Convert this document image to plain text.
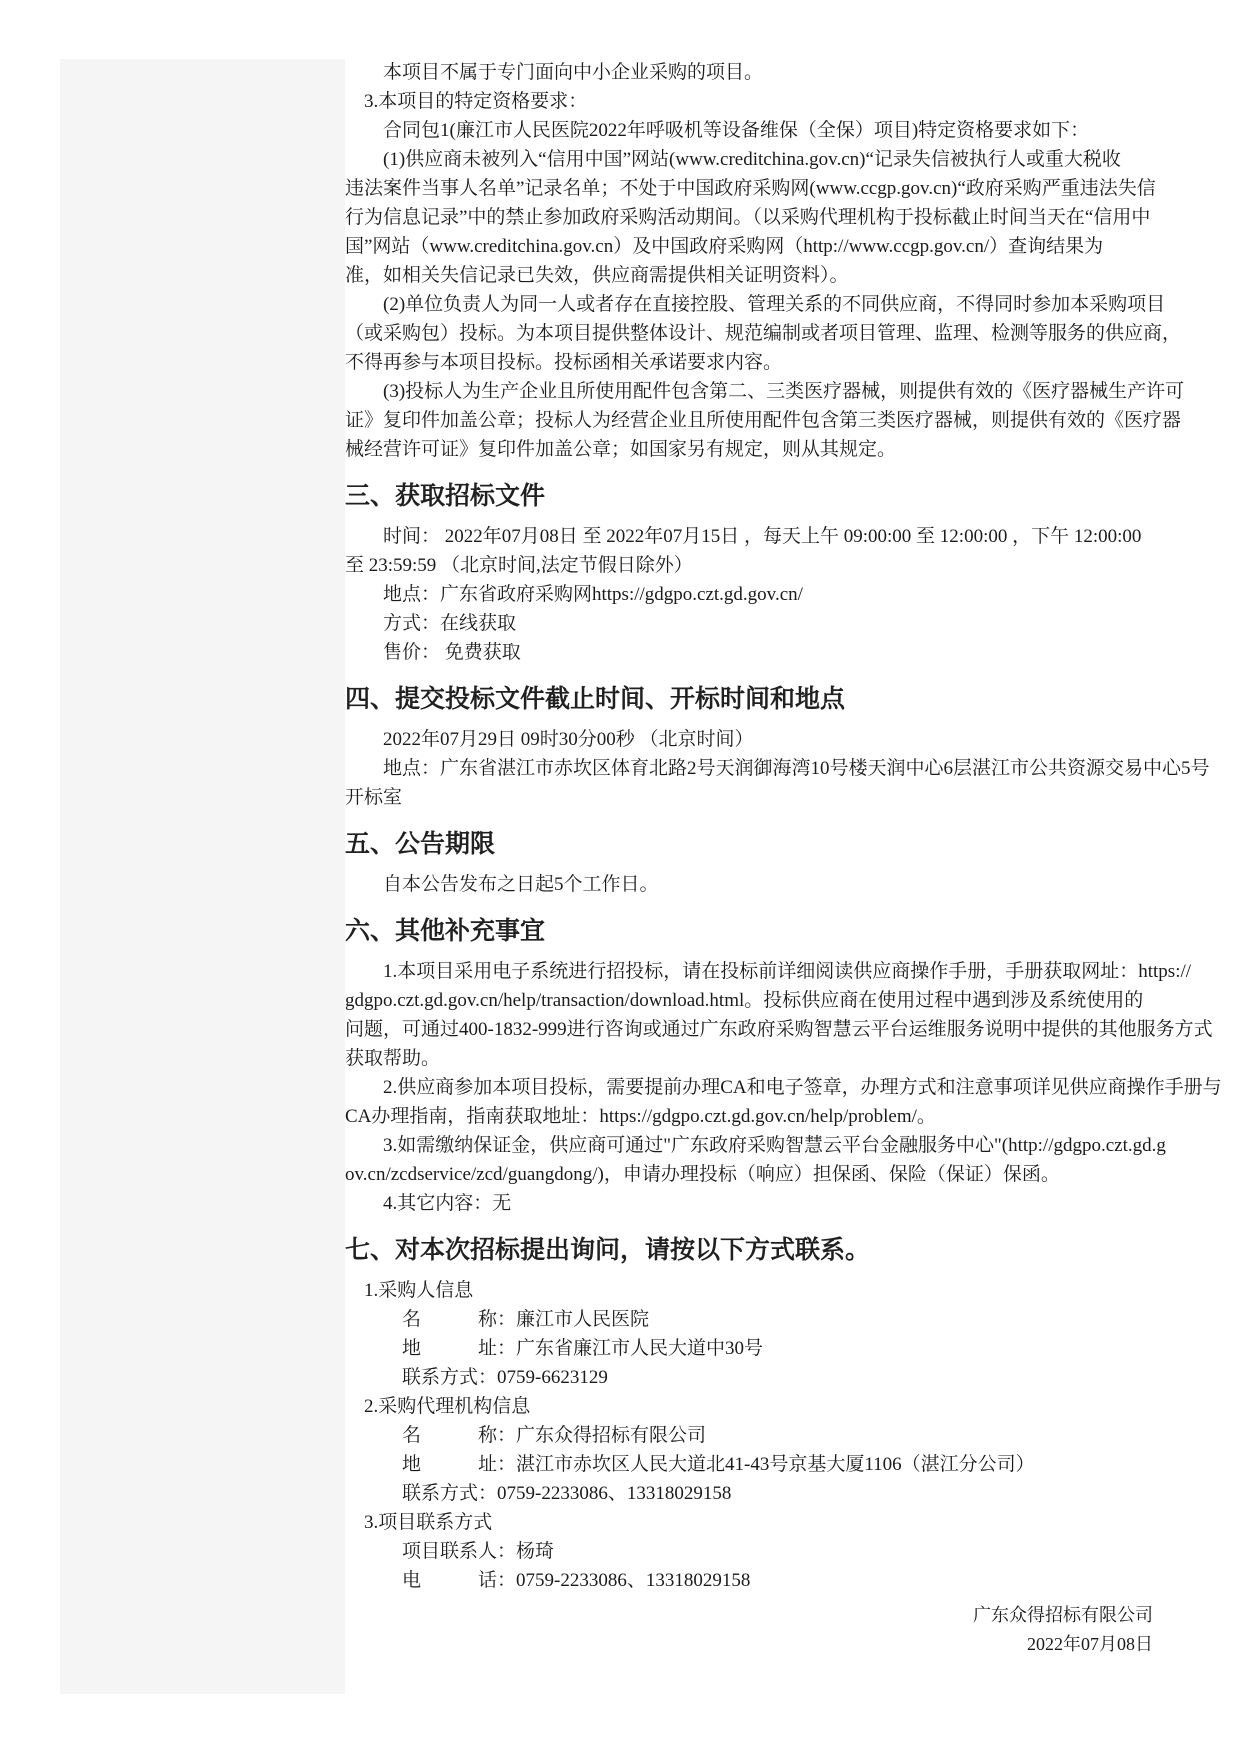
　　本项目不属于专门面向中小企业采购的项目。
　3.本项目的特定资格要求：
　　合同包1(廉江市人民医院2022年呼吸机等设备维保（全保）项目)特定资格要求如下：
　　(1)供应商未被列入“信用中国”网站(www.creditchina.gov.cn)“记录失信被执行人或重大税收
违法案件当事人名单”记录名单；不处于中国政府采购网(www.ccgp.gov.cn)“政府采购严重违法失信
行为信息记录”中的禁止参加政府采购活动期间。（以采购代理机构于投标截止时间当天在“信用中
国”网站（www.creditchina.gov.cn）及中国政府采购网（http://www.ccgp.gov.cn/）查询结果为
准，如相关失信记录已失效，供应商需提供相关证明资料）。
　　(2)单位负责人为同一人或者存在直接控股、管理关系的不同供应商，不得同时参加本采购项目
（或采购包）投标。为本项目提供整体设计、规范编制或者项目管理、监理、检测等服务的供应商，
不得再参与本项目投标。投标函相关承诺要求内容。
　　(3)投标人为生产企业且所使用配件包含第二、三类医疗器械，则提供有效的《医疗器械生产许可
证》复印件加盖公章；投标人为经营企业且所使用配件包含第三类医疗器械，则提供有效的《医疗器
械经营许可证》复印件加盖公章；如国家另有规定，则从其规定。
三、获取招标文件
　　时间： 2022年07月08日 至 2022年07月15日 ，每天上午 09:00:00 至 12:00:00 ，下午 12:00:00
至 23:59:59 （北京时间,法定节假日除外）
　　地点：广东省政府采购网https://gdgpo.czt.gd.gov.cn/
　　方式：在线获取
　　售价： 免费获取
四、提交投标文件截止时间、开标时间和地点
　　2022年07月29日 09时30分00秒 （北京时间）
　　地点：广东省湛江市赤坎区体育北路2号天润御海湾10号楼天润中心6层湛江市公共资源交易中心5号
开标室
五、公告期限
　　自本公告发布之日起5个工作日。
六、其他补充事宜
　　1.本项目采用电子系统进行招投标，请在投标前详细阅读供应商操作手册，手册获取网址：https://
gdgpo.czt.gd.gov.cn/help/transaction/download.html。投标供应商在使用过程中遇到涉及系统使用的
问题，可通过400-1832-999进行咨询或通过广东政府采购智慧云平台运维服务说明中提供的其他服务方式
获取帮助。
　　2.供应商参加本项目投标，需要提前办理CA和电子签章，办理方式和注意事项详见供应商操作手册与
CA办理指南，指南获取地址：https://gdgpo.czt.gd.gov.cn/help/problem/。
　　3.如需缴纳保证金，供应商可通过"广东政府采购智慧云平台金融服务中心"(http://gdgpo.czt.gd.g
ov.cn/zcdservice/zcd/guangdong/)，申请办理投标（响应）担保函、保险（保证）保函。
　　4.其它内容：无
七、对本次招标提出询问，请按以下方式联系。
　1.采购人信息
　　　名　　　称：廉江市人民医院
　　　地　　　址：广东省廉江市人民大道中30号
　　　联系方式：0759-6623129
　2.采购代理机构信息
　　　名　　　称：广东众得招标有限公司
　　　地　　　址：湛江市赤坎区人民大道北41-43号京基大厦1106（湛江分公司）
　　　联系方式：0759-2233086、13318029158
　3.项目联系方式
　　　项目联系人：杨琦
　　　电　　　话：0759-2233086、13318029158
广东众得招标有限公司
2022年07月08日
